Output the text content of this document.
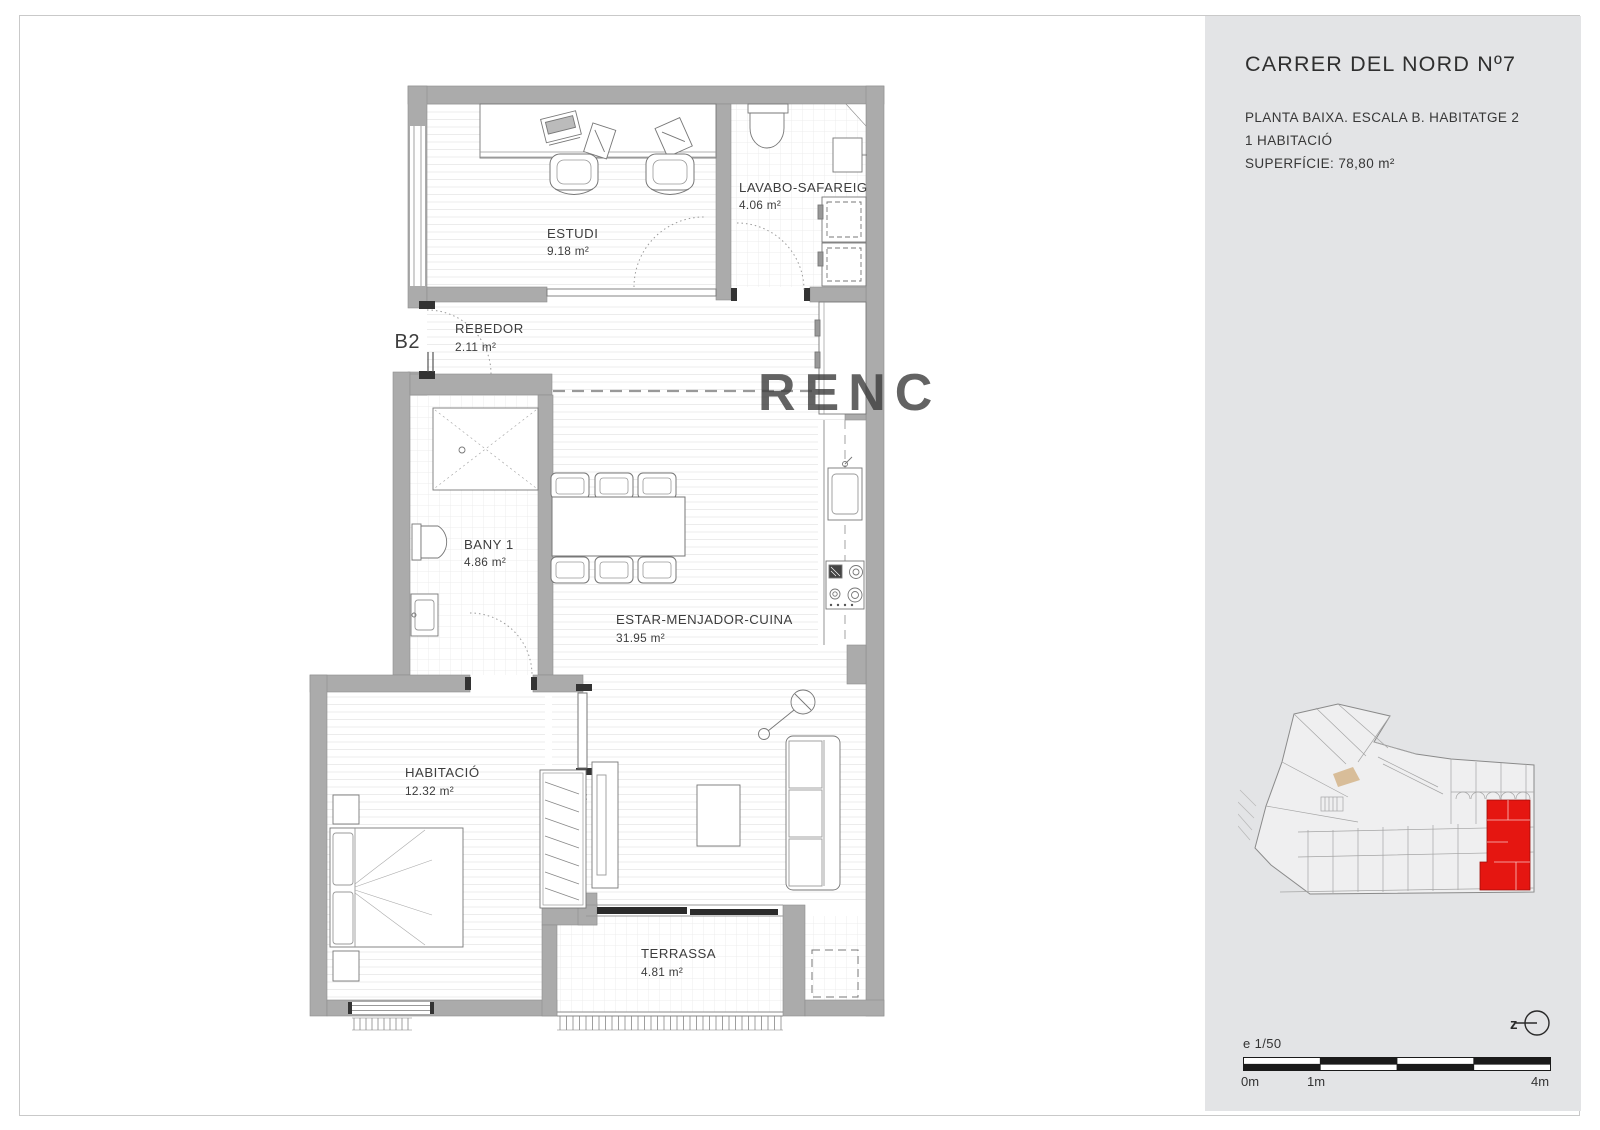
ESTUDI
9.18 m²
LAVABO-SAFAREIG
4.06 m²
REBEDOR
2.11 m²
BANY 1
4.86 m²
ESTAR-MENJADOR-CUINA
31.95 m²
HABITACIÓ
12.32 m²
TERRASSA
4.81 m²
B2
RENC
CARRER DEL NORD Nº7
PLANTA BAIXA. ESCALA B. HABITATGE 2
1 HABITACIÓ
SUPERFÍCIE: 78,80 m²
z
e 1/50
0m	1m	4m
